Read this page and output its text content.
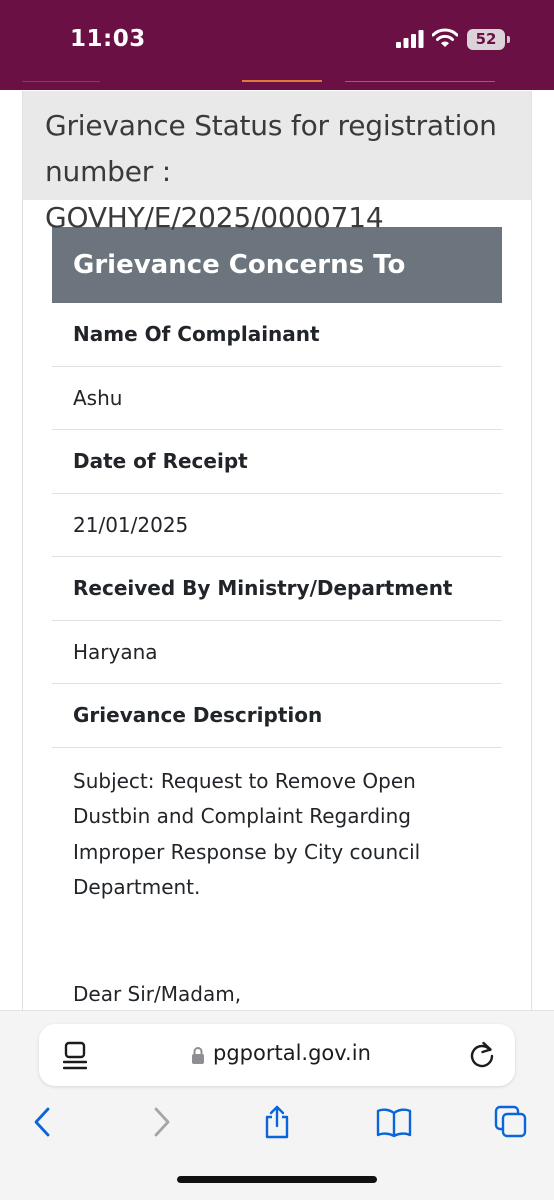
11:03	52
Grievance Status for registration number : GOVHY/E/2025/0000714
Grievance Concerns To
Name Of Complainant
Ashu
Date of Receipt
21/01/2025
Received By Ministry/Department
Haryana
Grievance Description

Subject: Request to Remove Open Dustbin and Complaint Regarding Improper Response by City council Department.

Dear Sir/Madam,

pgportal.gov.in
